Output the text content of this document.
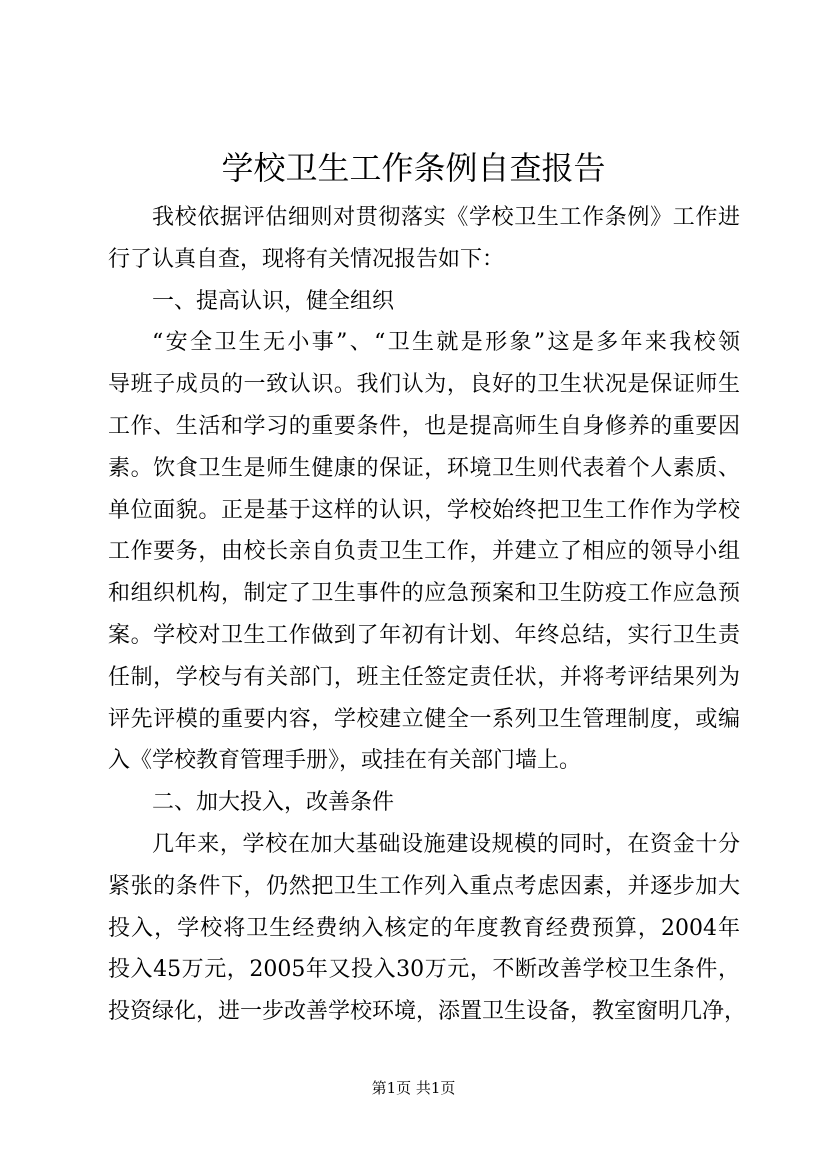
学校卫生工作条例自查报告
我校依据评估细则对贯彻落实《学校卫生工作条例》工作进
行了认真自查，现将有关情况报告如下：
一、提高认识，健全组织
“安全卫生无小事”、“卫生就是形象”这是多年来我校领
导班子成员的一致认识。我们认为，良好的卫生状况是保证师生
工作、生活和学习的重要条件，也是提高师生自身修养的重要因
素。饮食卫生是师生健康的保证，环境卫生则代表着个人素质、
单位面貌。正是基于这样的认识，学校始终把卫生工作作为学校
工作要务，由校长亲自负责卫生工作，并建立了相应的领导小组
和组织机构，制定了卫生事件的应急预案和卫生防疫工作应急预
案。学校对卫生工作做到了年初有计划、年终总结，实行卫生责
任制，学校与有关部门，班主任签定责任状，并将考评结果列为
评先评模的重要内容，学校建立健全一系列卫生管理制度，或编
入《学校教育管理手册》，或挂在有关部门墙上。
二、加大投入，改善条件
几年来，学校在加大基础设施建设规模的同时，在资金十分
紧张的条件下，仍然把卫生工作列入重点考虑因素，并逐步加大
投入，学校将卫生经费纳入核定的年度教育经费预算，2004年
投入45万元，2005年又投入30万元，不断改善学校卫生条件，
投资绿化，进一步改善学校环境，添置卫生设备，教室窗明几净，
第1页 共1页
